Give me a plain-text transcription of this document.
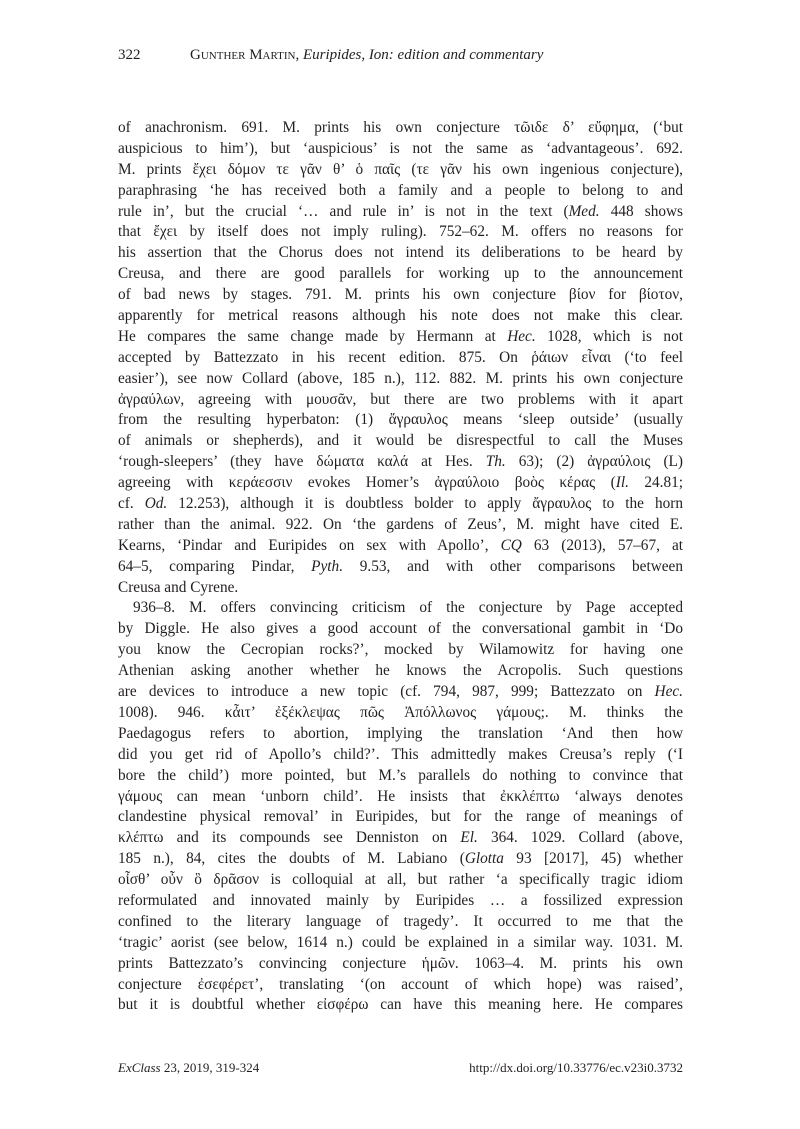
322	Gunther Martin, Euripides, Ion: edition and commentary
of anachronism. 691. M. prints his own conjecture τῶιδε δ’ εὔφημα, (‘but
auspicious to him’), but ‘auspicious’ is not the same as ‘advantageous’. 692.
M. prints ἔχει δόμον τε γᾶν θ’ ὁ παῖς (τε γᾶν his own ingenious conjecture),
paraphrasing ‘he has received both a family and a people to belong to and
rule in’, but the crucial ‘… and rule in’ is not in the text (Med. 448 shows
that ἔχει by itself does not imply ruling). 752–62. M. offers no reasons for
his assertion that the Chorus does not intend its deliberations to be heard by
Creusa, and there are good parallels for working up to the announcement
of bad news by stages. 791. M. prints his own conjecture βίον for βίοτον,
apparently for metrical reasons although his note does not make this clear.
He compares the same change made by Hermann at Hec. 1028, which is not
accepted by Battezzato in his recent edition. 875. On ῥάιων εἶναι (‘to feel
easier’), see now Collard (above, 185 n.), 112. 882. M. prints his own conjecture
ἀγραύλων, agreeing with μουσᾶν, but there are two problems with it apart
from the resulting hyperbaton: (1) ἄγραυλος means ‘sleep outside’ (usually
of animals or shepherds), and it would be disrespectful to call the Muses
‘rough-sleepers’ (they have δώματα καλά at Hes. Th. 63); (2) ἀγραύλοις (L)
agreeing with κεράεσσιν evokes Homer’s ἀγραύλοιο βοὸς κέρας (Il. 24.81;
cf. Od. 12.253), although it is doubtless bolder to apply ἄγραυλος to the horn
rather than the animal. 922. On ‘the gardens of Zeus’, M. might have cited E.
Kearns, ‘Pindar and Euripides on sex with Apollo’, CQ 63 (2013), 57–67, at
64–5, comparing Pindar, Pyth. 9.53, and with other comparisons between
Creusa and Cyrene.
936–8. M. offers convincing criticism of the conjecture by Page accepted
by Diggle. He also gives a good account of the conversational gambit in ‘Do
you know the Cecropian rocks?’, mocked by Wilamowitz for having one
Athenian asking another whether he knows the Acropolis. Such questions
are devices to introduce a new topic (cf. 794, 987, 999; Battezzato on Hec.
1008). 946. κἆιτ’ ἐξέκλεψας πῶς Ἀπόλλωνος γάμους;. M. thinks the
Paedagogus refers to abortion, implying the translation ‘And then how
did you get rid of Apollo’s child?’. This admittedly makes Creusa’s reply (‘I
bore the child’) more pointed, but M.’s parallels do nothing to convince that
γάμους can mean ‘unborn child’. He insists that ἐκκλέπτω ‘always denotes
clandestine physical removal’ in Euripides, but for the range of meanings of
κλέπτω and its compounds see Denniston on El. 364. 1029. Collard (above,
185 n.), 84, cites the doubts of M. Labiano (Glotta 93 [2017], 45) whether
οἶσθ’ οὖν ὃ δρᾶσον is colloquial at all, but rather ‘a specifically tragic idiom
reformulated and innovated mainly by Euripides … a fossilized expression
confined to the literary language of tragedy’. It occurred to me that the
‘tragic’ aorist (see below, 1614 n.) could be explained in a similar way. 1031. M.
prints Battezzato’s convincing conjecture ἡμῶν. 1063–4. M. prints his own
conjecture ἐσεφέρετ’, translating ‘(on account of which hope) was raised’,
but it is doubtful whether εἰσφέρω can have this meaning here. He compares
ExClass 23, 2019, 319-324	http://dx.doi.org/10.33776/ec.v23i0.3732
